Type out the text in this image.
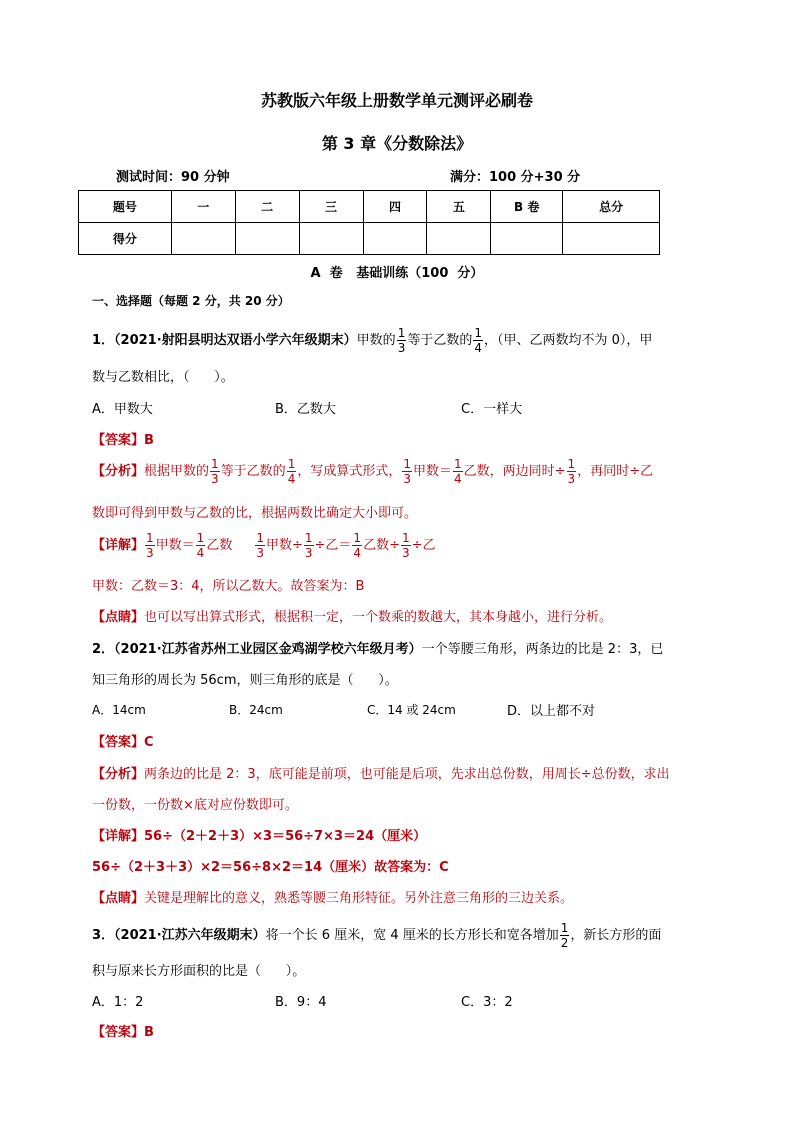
苏教版六年级上册数学单元测评必刷卷
第 3 章《分数除法》
测试时间：90 分钟	满分：100 分+30 分
题号	一	二	三	四	五	B 卷	总分
得分							
A  卷   基础训练（100  分）
一、选择题（每题 2 分，共 20 分）
1．（2021·射阳县明达双语小学六年级期末）甲数的 $\frac{1}{3}$ 等于乙数的 $\frac{1}{4}$ ，（甲、乙两数均不为 0），甲
数与乙数相比，（      ）。
A．甲数大	B．乙数大	C．一样大
【答案】B
【分析】根据甲数的 $\frac{1}{3}$ 等于乙数的 $\frac{1}{4}$ ，写成算式形式， $\frac{1}{3}$ 甲数＝ $\frac{1}{4}$ 乙数，两边同时÷ $\frac{1}{3}$ ，再同时÷乙
数即可得到甲数与乙数的比，根据两数比确定大小即可。
【详解】 $\frac{1}{3}$ 甲数＝ $\frac{1}{4}$ 乙数 $\frac{1}{3}$ 甲数÷ $\frac{1}{3}$ ÷乙＝ $\frac{1}{4}$ 乙数÷ $\frac{1}{3}$ ÷乙
甲数：乙数＝3：4，所以乙数大。故答案为：B
【点睛】也可以写出算式形式，根据积一定，一个数乘的数越大，其本身越小，进行分析。
2．（2021·江苏省苏州工业园区金鸡湖学校六年级月考）一个等腰三角形，两条边的比是 2：3，已
知三角形的周长为 56cm，则三角形的底是（      ）。
A．14cm	B．24cm	C．14 或 24cm	D．以上都不对
【答案】C
【分析】两条边的比是 2：3，底可能是前项，也可能是后项，先求出总份数，用周长÷总份数，求出
一份数，一份数×底对应份数即可。
【详解】56÷（2＋2＋3）×3＝56÷7×3＝24（厘米）
56÷（2＋3＋3）×2＝56÷8×2＝14（厘米）故答案为：C
【点睛】关键是理解比的意义，熟悉等腰三角形特征。另外注意三角形的三边关系。
3．（2021·江苏六年级期末）将一个长 6 厘米，宽 4 厘米的长方形长和宽各增加 $\frac{1}{2}$ ，新长方形的面
积与原来长方形面积的比是（      ）。
A．1：2	B．9：4	C．3：2
【答案】B
